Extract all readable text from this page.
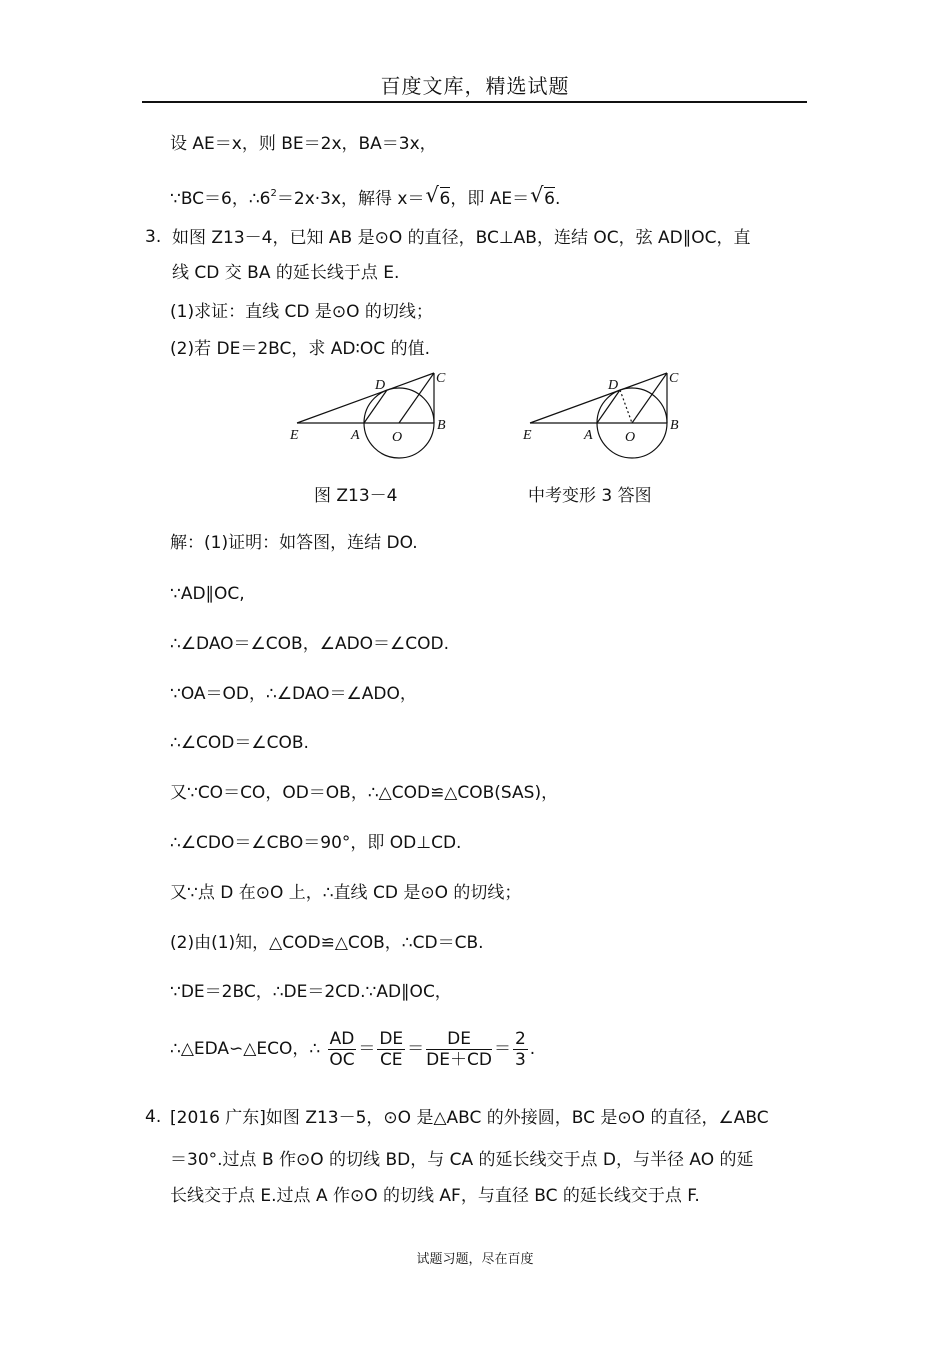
百度文库，精选试题
设 AE＝x，则 BE＝2x，BA＝3x，
∵BC＝6，$\therefore 6^2=2x\cdot 3x$，解得 x＝ √ 6，即 AE＝ √ 6.
3. 如图 Z13－4，已知 AB 是⊙O 的直径，BC⊥AB，连结 OC，弦 AD∥OC，直
线 CD 交 BA 的延长线于点 E.
(1)求证：直线 CD 是⊙O 的切线；
(2)若 DE＝2BC，求 AD∶OC 的值.
E	A O
B
C
D
E	A O
B
C
D
图 Z13－4	中考变形 3 答图
解：(1)证明：如答图，连结 DO.
∵AD∥OC,
∴∠DAO＝∠COB，∠ADO＝∠COD.
∵OA＝OD，∴∠DAO＝∠ADO，
∴∠COD＝∠COB.
又∵CO＝CO，OD＝OB，∴△COD≌△COB(SAS)，
∴∠CDO＝∠CBO＝90°，即 OD⊥CD.
又∵点 D 在⊙O 上，∴直线 CD 是⊙O 的切线；
(2)由(1)知，△COD≌△COB，∴CD＝CB.
∵DE＝2BC，∴DE＝2CD.∵AD∥OC，
∴△EDA∽△ECO，∴ $\frac{AD}{OC} = \frac{DE}{CE} = \frac{DE}{DE+CD} = \frac{2}{3}$ .
4. [2016 广东]如图 Z13－5，⊙O 是△ABC 的外接圆，BC 是⊙O 的直径，∠ABC
＝30°.过点 B 作⊙O 的切线 BD，与 CA 的延长线交于点 D，与半径 AO 的延
长线交于点 E.过点 A 作⊙O 的切线 AF，与直径 BC 的延长线交于点 F.
试题习题，尽在百度
